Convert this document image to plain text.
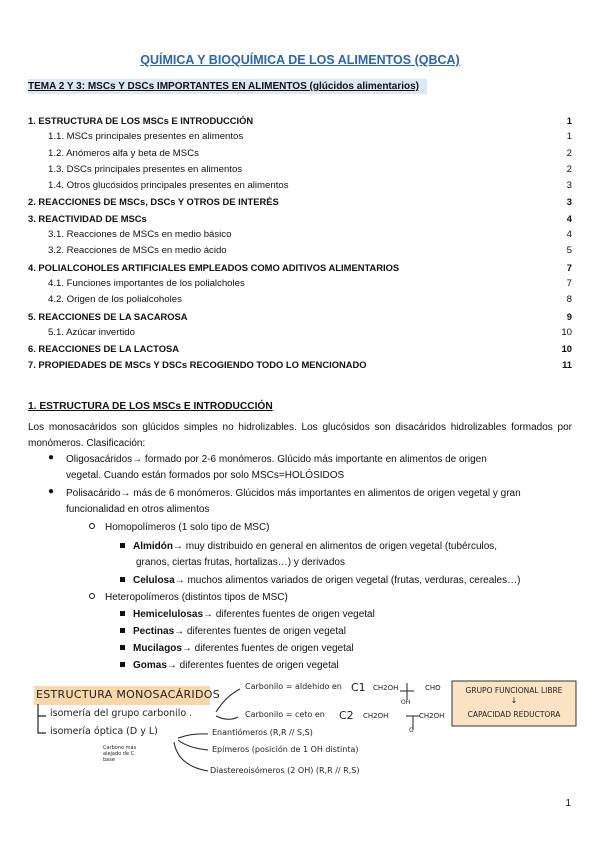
QUÍMICA Y BIOQUÍMICA DE LOS ALIMENTOS (QBCA)
TEMA 2 Y 3: MSCs Y DSCs IMPORTANTES EN ALIMENTOS (glúcidos alimentarios)
1. ESTRUCTURA DE LOS MSCs E INTRODUCCIÓN	1
1.1. MSCs principales presentes en alimentos	1
1.2. Anómeros alfa y beta de MSCs	2
1.3. DSCs principales presentes en alimentos	2
1.4. Otros glucósidos principales presentes en alimentos	3
2. REACCIONES DE MSCs, DSCs Y OTROS DE INTERÉS	3
3. REACTIVIDAD DE MSCs	4
3.1. Reacciones de MSCs en medio básico	4
3.2. Reacciones de MSCs en medio ácido	5
4. POLIALCOHOLES ARTIFICIALES EMPLEADOS COMO ADITIVOS ALIMENTARIOS	7
4.1. Funciones importantes de los polialcholes	7
4.2. Origen de los polialcoholes	8
5. REACCIONES DE LA SACAROSA	9
5.1. Azúcar invertido	10
6. REACCIONES DE LA LACTOSA	10
7. PROPIEDADES DE MSCs Y DSCs RECOGIENDO TODO LO MENCIONADO	11
1. ESTRUCTURA DE LOS MSCs E INTRODUCCIÓN
Los monosacáridos son glúcidos simples no hidrolizables. Los glucósidos son disacáridos hidrolizables formados por monómeros. Clasificación:
● Oligosacáridos→ formado por 2-6 monómeros. Glúcido más importante en alimentos de origen
vegetal. Cuando están formados por solo MSCs=HOLÓSIDOS
● Polisacárido→ más de 6 monómeros. Glúcidos más importantes en alimentos de origen vegetal y gran
funcionalidad en otros alimentos
Homopolímeros (1 solo tipo de MSC)
Almidón→ muy distribuido en general en alimentos de origen vegetal (tubérculos,
granos, ciertas frutas, hortalizas…) y derivados
Celulosa→ muchos alimentos variados de origen vegetal (frutas, verduras, cereales…)
Heteropolímeros (distintos tipos de MSC)
Hemicelulosas→ diferentes fuentes de origen vegetal
Pectinas→ diferentes fuentes de origen vegetal
Mucilagos→ diferentes fuentes de origen vegetal
Gomas→ diferentes fuentes de origen vegetal
ESTRUCTURA MONOSACÁRIDOS
isomería del grupo carbonilo .
isomería óptica (D y L)
Carbono más alejado de C. base
Carbonilo = aldehido en C1 CH2OH	CHO
OH
Carbonilo = ceto en C2 CH2OH	CH2OH
O
Enantiómeros (R,R // S,S)
Epímeros (posición de 1 OH distinta)
Diastereoisómeros (2 OH) (R,R // R,S)
GRUPO FUNCIONAL LIBRE
↓
CAPACIDAD REDUCTORA
1
